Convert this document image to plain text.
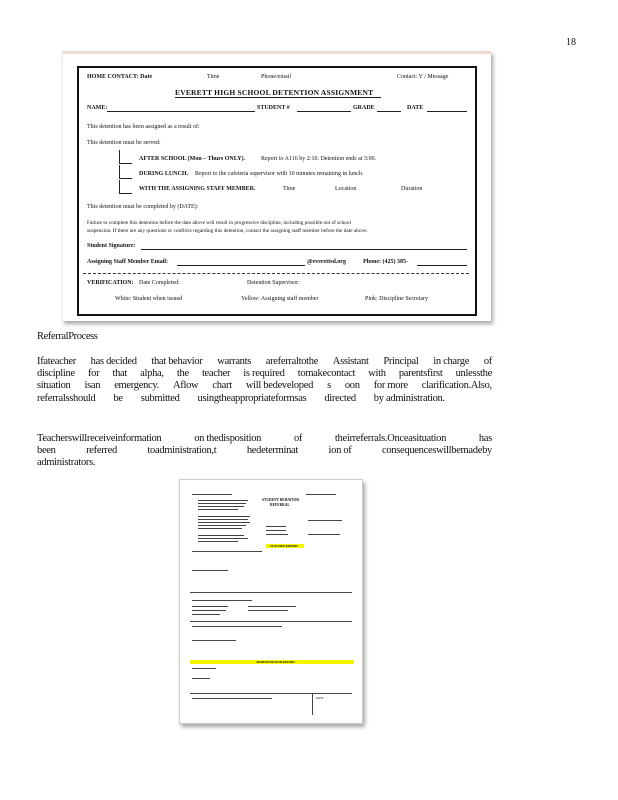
18
HOME CONTACT: Date	Time	Phone/email	Contact: Y / Message
EVERETT HIGH SCHOOL DETENTION ASSIGNMENT
NAME:	STUDENT #	GRADE	DATE
This detention has been assigned as a result of:
This detention must be served:
AFTER SCHOOL (Mon – Thurs ONLY).	Report to A116 by 2:10. Detention ends at 3:00.
DURING LUNCH. Report to the cafeteria supervisor with 10 minutes remaining in lunch.
WITH THE ASSIGNING STAFF MEMBER.	Time	Location	Duration
This detention must be completed by (DATE):
Failure to complete this detention before the date above will result in progressive discipline, including possible out of school
suspension. If there are any questions or conflicts regarding this detention, contact the assigning staff member before the date above.
Student Signature:
Assigning Staff Member Email:	@everettsd.org	Phone: (425) 385-
VERIFICATION: Date Completed:	Detention Supervisor:
White: Student when issued	Yellow: Assigning staff member	Pink: Discipline Secretary
ReferralProcess
Ifateacher has decided that behavior warrants areferraltothe Assistant Principal in charge of
discipline for that alpha, the teacher is required tomakecontact with parentsfirst unlessthe
situation isan emergency. Aflow chart will bedeveloped s oon for more clarification.Also,
referralsshould be submitted usingtheappropriateformsas directed by administration.
Teacherswillreceiveinformation	on thedisposition	of	theirreferrals.Onceasituation	has
been	referred	toadministration,t	hedeterminat	ion of	consequenceswillbemadeby
administrators.
STUDENT BEHAVIOR
REFERRAL
TEACHER REPORT
ADMINISTRATOR REPORT
DATE
